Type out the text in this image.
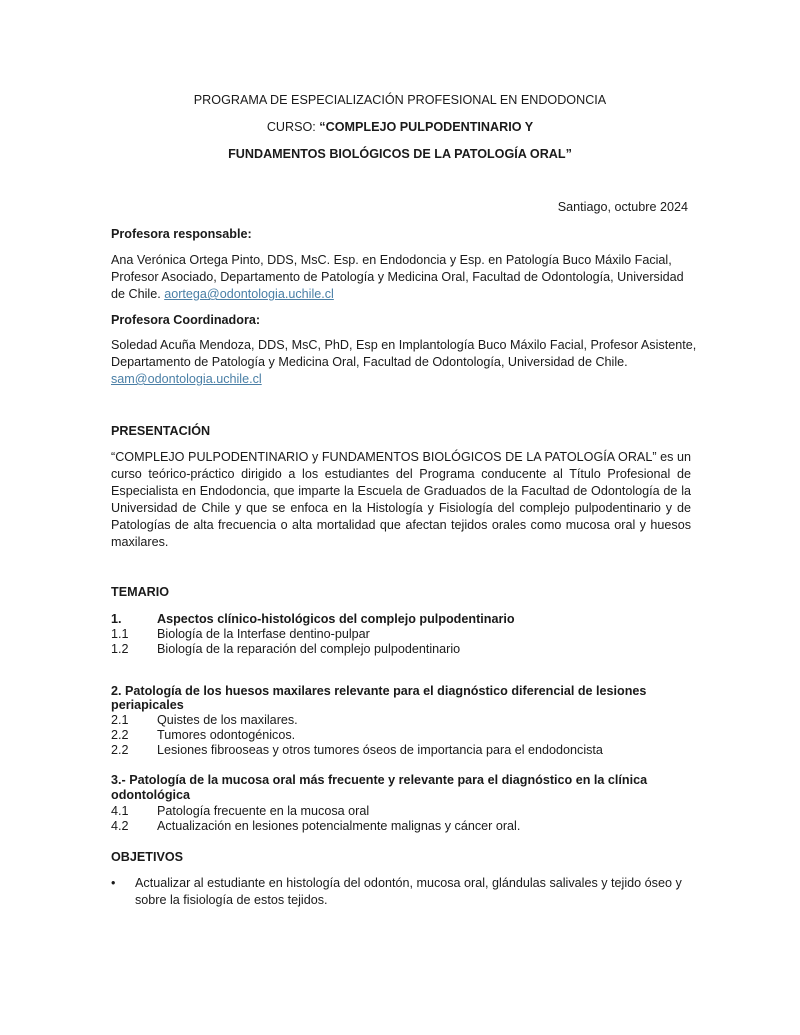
PROGRAMA DE ESPECIALIZACIÓN PROFESIONAL EN ENDODONCIA
CURSO: “COMPLEJO PULPODENTINARIO Y
FUNDAMENTOS BIOLÓGICOS DE LA PATOLOGÍA ORAL”
Santiago, octubre 2024
Profesora responsable:
Ana Verónica Ortega Pinto, DDS, MsC. Esp. en Endodoncia y Esp. en Patología Buco Máxilo Facial, Profesor Asociado, Departamento de Patología y Medicina Oral, Facultad de Odontología, Universidad de Chile. aortega@odontologia.uchile.cl
Profesora Coordinadora:
Soledad Acuña Mendoza, DDS, MsC, PhD, Esp en Implantología Buco Máxilo Facial, Profesor Asistente, Departamento de Patología y Medicina Oral, Facultad de Odontología, Universidad de Chile. sam@odontologia.uchile.cl
PRESENTACIÓN
“COMPLEJO PULPODENTINARIO y FUNDAMENTOS BIOLÓGICOS DE LA PATOLOGÍA ORAL” es un curso teórico-práctico dirigido a los estudiantes del Programa conducente al Título Profesional de Especialista en Endodoncia, que imparte la Escuela de Graduados de la Facultad de Odontología de la Universidad de Chile y que se enfoca en la Histología y Fisiología del complejo pulpodentinario y de Patologías de alta frecuencia o alta mortalidad que afectan tejidos orales como mucosa oral y huesos maxilares.
TEMARIO
1.	Aspectos clínico-histológicos del complejo pulpodentinario
1.1 Biología de la Interfase dentino-pulpar
1.2 Biología de la reparación del complejo pulpodentinario
2. Patología de los huesos maxilares relevante para el diagnóstico diferencial de lesiones
periapicales
2.1 Quistes de los maxilares.
2.2 Tumores odontogénicos.
2.2 Lesiones fibrooseas y otros tumores óseos de importancia para el endodoncista
3.- Patología de la mucosa oral más frecuente y relevante para el diagnóstico en la clínica
odontológica
4.1 Patología frecuente en la mucosa oral
4.2 Actualización en lesiones potencialmente malignas y cáncer oral.
OBJETIVOS
• Actualizar al estudiante en histología del odontón, mucosa oral, glándulas salivales y tejido óseo y sobre la fisiología de estos tejidos.
